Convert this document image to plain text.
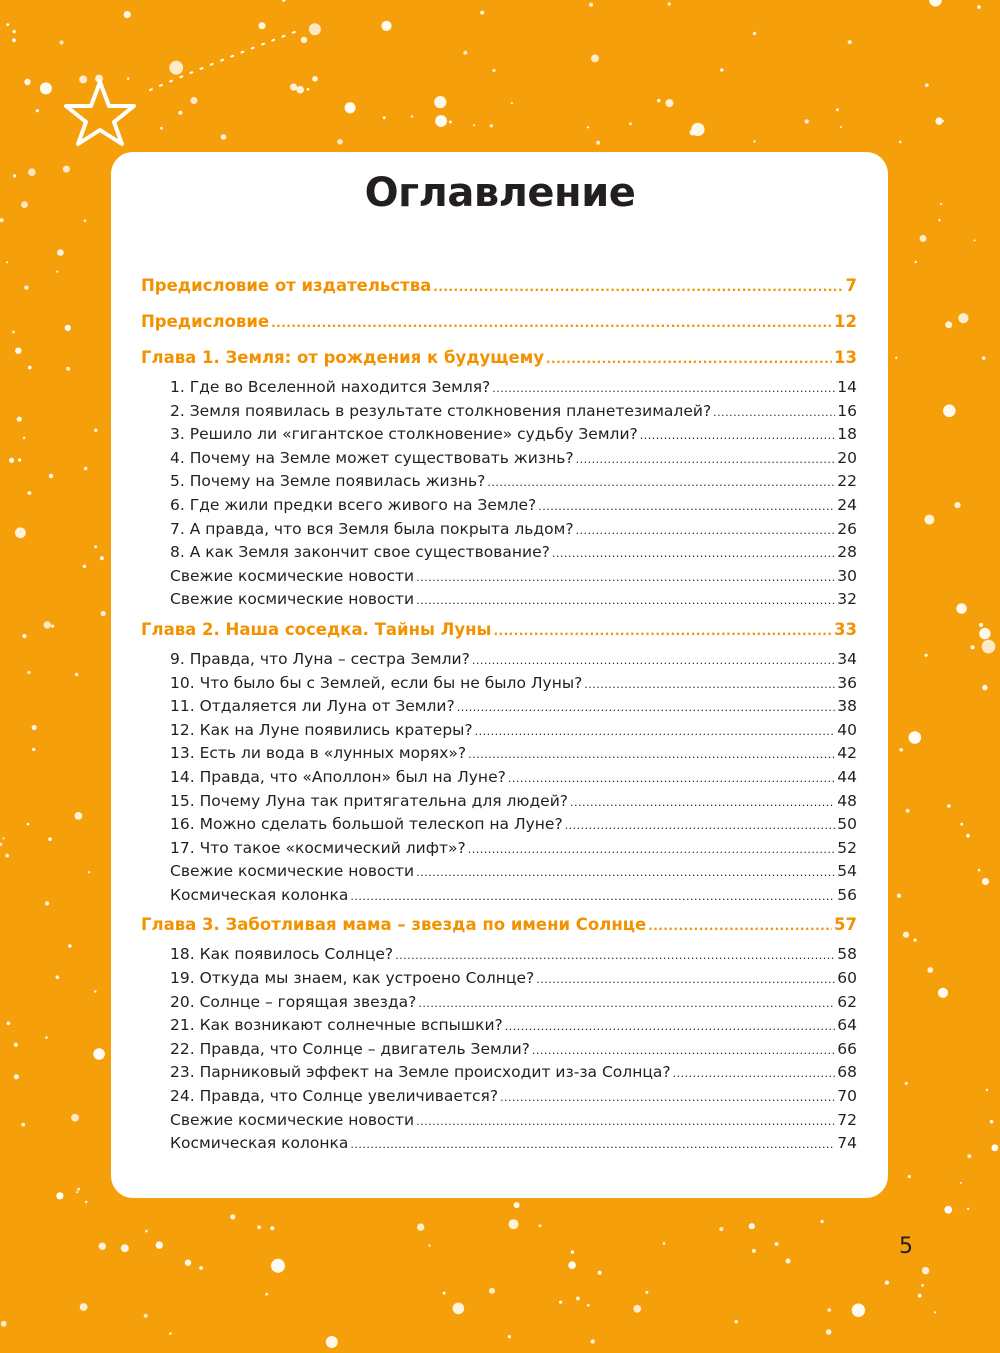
Оглавление
Предисловие от издательства .....	7
Предисловие .....	12
Глава 1. Земля: от рождения к будущему .....	13
1. Где во Вселенной находится Земля? .....	14
2. Земля появилась в результате столкновения планетезималей? .....	16
3. Решило ли «гигантское столкновение» судьбу Земли? .....	18
4. Почему на Земле может существовать жизнь? .....	20
5. Почему на Земле появилась жизнь? .....	22
6. Где жили предки всего живого на Земле? .....	24
7. А правда, что вся Земля была покрыта льдом? .....	26
8. А как Земля закончит свое существование? .....	28
Свежие космические новости .....	30
Свежие космические новости .....	32
Глава 2. Наша соседка. Тайны Луны .....	33
9. Правда, что Луна – сестра Земли? .....	34
10. Что было бы с Землей, если бы не было Луны? .....	36
11. Отдаляется ли Луна от Земли? .....	38
12. Как на Луне появились кратеры? .....	40
13. Есть ли вода в «лунных морях»? .....	42
14. Правда, что «Аполлон» был на Луне? .....	44
15. Почему Луна так притягательна для людей? .....	48
16. Можно сделать большой телескоп на Луне? .....	50
17. Что такое «космический лифт»? .....	52
Свежие космические новости .....	54
Космическая колонка .....	56
Глава 3. Заботливая мама – звезда по имени Солнце .....	57
18. Как появилось Солнце? .....	58
19. Откуда мы знаем, как устроено Солнце? .....	60
20. Солнце – горящая звезда? .....	62
21. Как возникают солнечные вспышки? .....	64
22. Правда, что Солнце – двигатель Земли? .....	66
23. Парниковый эффект на Земле происходит из-за Солнца? .....	68
24. Правда, что Солнце увеличивается? .....	70
Свежие космические новости .....	72
Космическая колонка .....	74
5
